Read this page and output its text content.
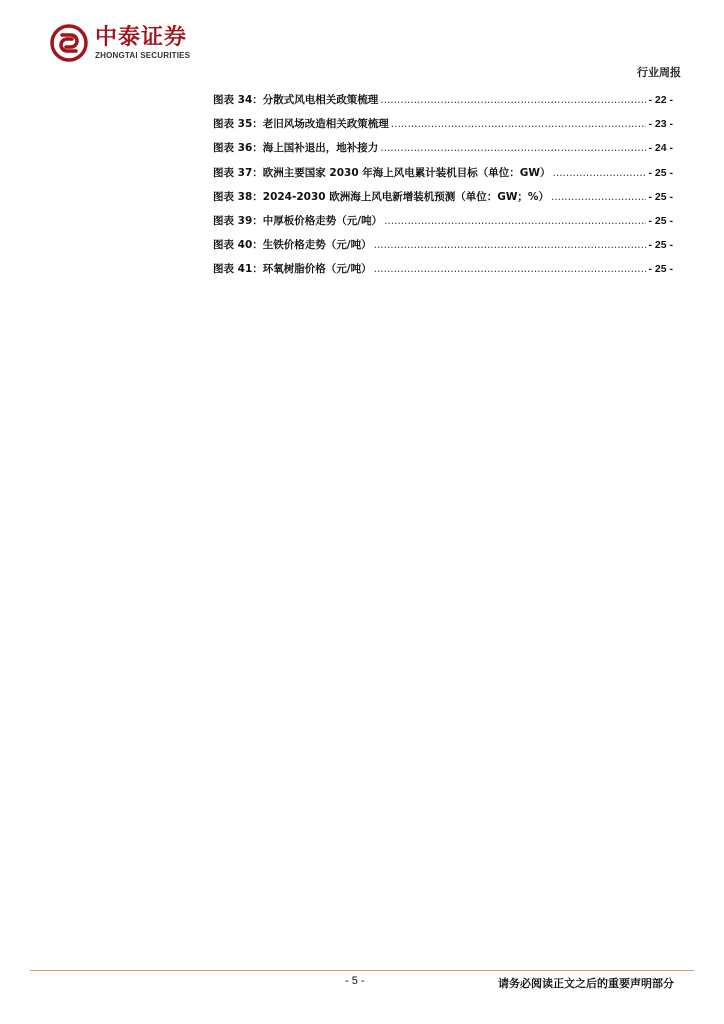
中泰证券
ZHONGTAI SECURITIES
行业周报
图表 34：分散式风电相关政策梳理 .....	- 22 -
图表 35：老旧风场改造相关政策梳理 .....	- 23 -
图表 36：海上国补退出，地补接力 .....	- 24 -
图表 37：欧洲主要国家 2030 年海上风电累计装机目标（单位：GW） .....	- 25 -
图表 38：2024-2030 欧洲海上风电新增装机预测（单位：GW；%） .....	- 25 -
图表 39：中厚板价格走势（元/吨） .....	- 25 -
图表 40：生铁价格走势（元/吨） .....	- 25 -
图表 41：环氧树脂价格（元/吨） .....	- 25 -
- 5 -	请务必阅读正文之后的重要声明部分
